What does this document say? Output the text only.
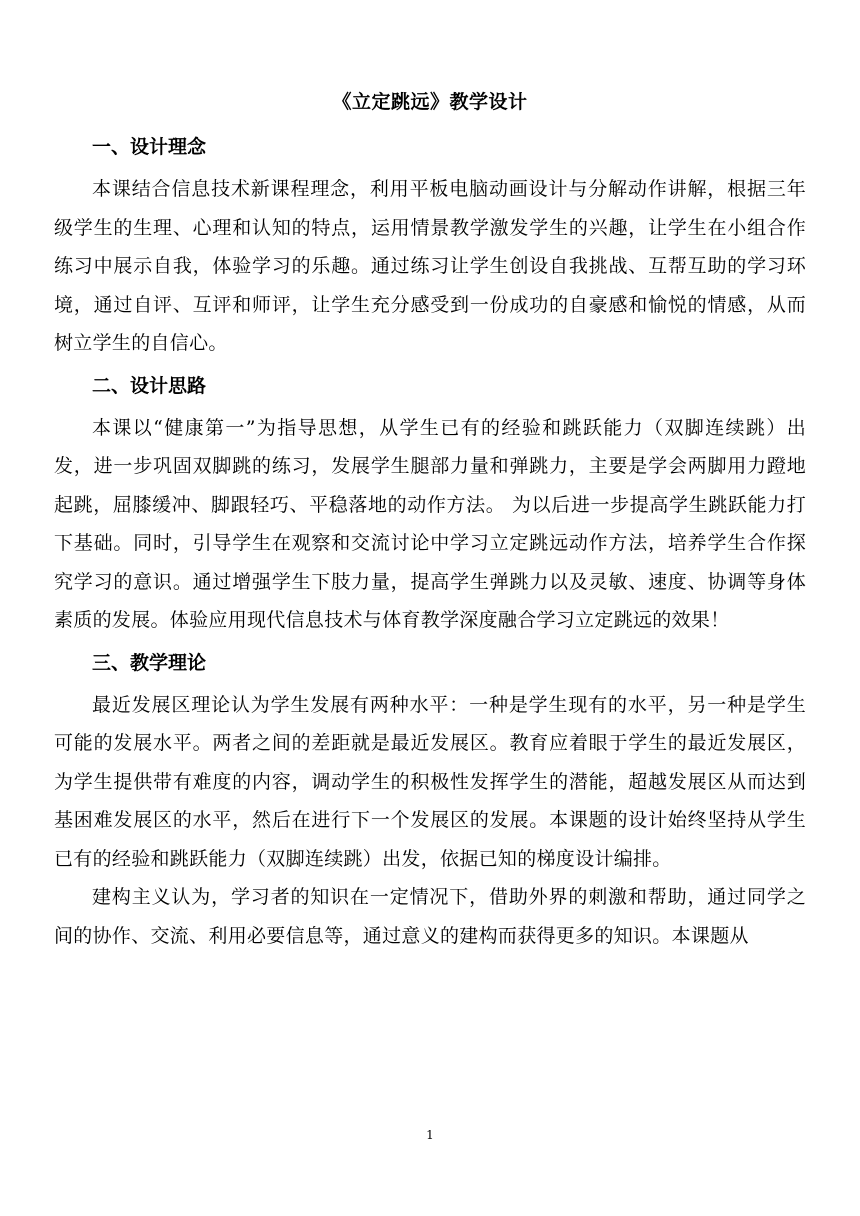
《立定跳远》教学设计
一、设计理念

本课结合信息技术新课程理念，利用平板电脑动画设计与分解动作讲解，根据三年级学生的生理、心理和认知的特点，运用情景教学激发学生的兴趣，让学生在小组合作练习中展示自我，体验学习的乐趣。通过练习让学生创设自我挑战、互帮互助的学习环境，通过自评、互评和师评，让学生充分感受到一份成功的自豪感和愉悦的情感，从而树立学生的自信心。

二、设计思路

本课以“健康第一”为指导思想，从学生已有的经验和跳跃能力（双脚连续跳）出发，进一步巩固双脚跳的练习，发展学生腿部力量和弹跳力，主要是学会两脚用力蹬地起跳，屈膝缓冲、脚跟轻巧、平稳落地的动作方法。 为以后进一步提高学生跳跃能力打下基础。同时，引导学生在观察和交流讨论中学习立定跳远动作方法，培养学生合作探究学习的意识。通过增强学生下肢力量，提高学生弹跳力以及灵敏、速度、协调等身体素质的发展。体验应用现代信息技术与体育教学深度融合学习立定跳远的效果！

三、教学理论

最近发展区理论认为学生发展有两种水平：一种是学生现有的水平，另一种是学生可能的发展水平。两者之间的差距就是最近发展区。教育应着眼于学生的最近发展区，为学生提供带有难度的内容，调动学生的积极性发挥学生的潜能，超越发展区从而达到基困难发展区的水平，然后在进行下一个发展区的发展。本课题的设计始终坚持从学生已有的经验和跳跃能力（双脚连续跳）出发，依据已知的梯度设计编排。

建构主义认为，学习者的知识在一定情况下，借助外界的刺激和帮助，通过同学之间的协作、交流、利用必要信息等，通过意义的建构而获得更多的知识。本课题从

1
